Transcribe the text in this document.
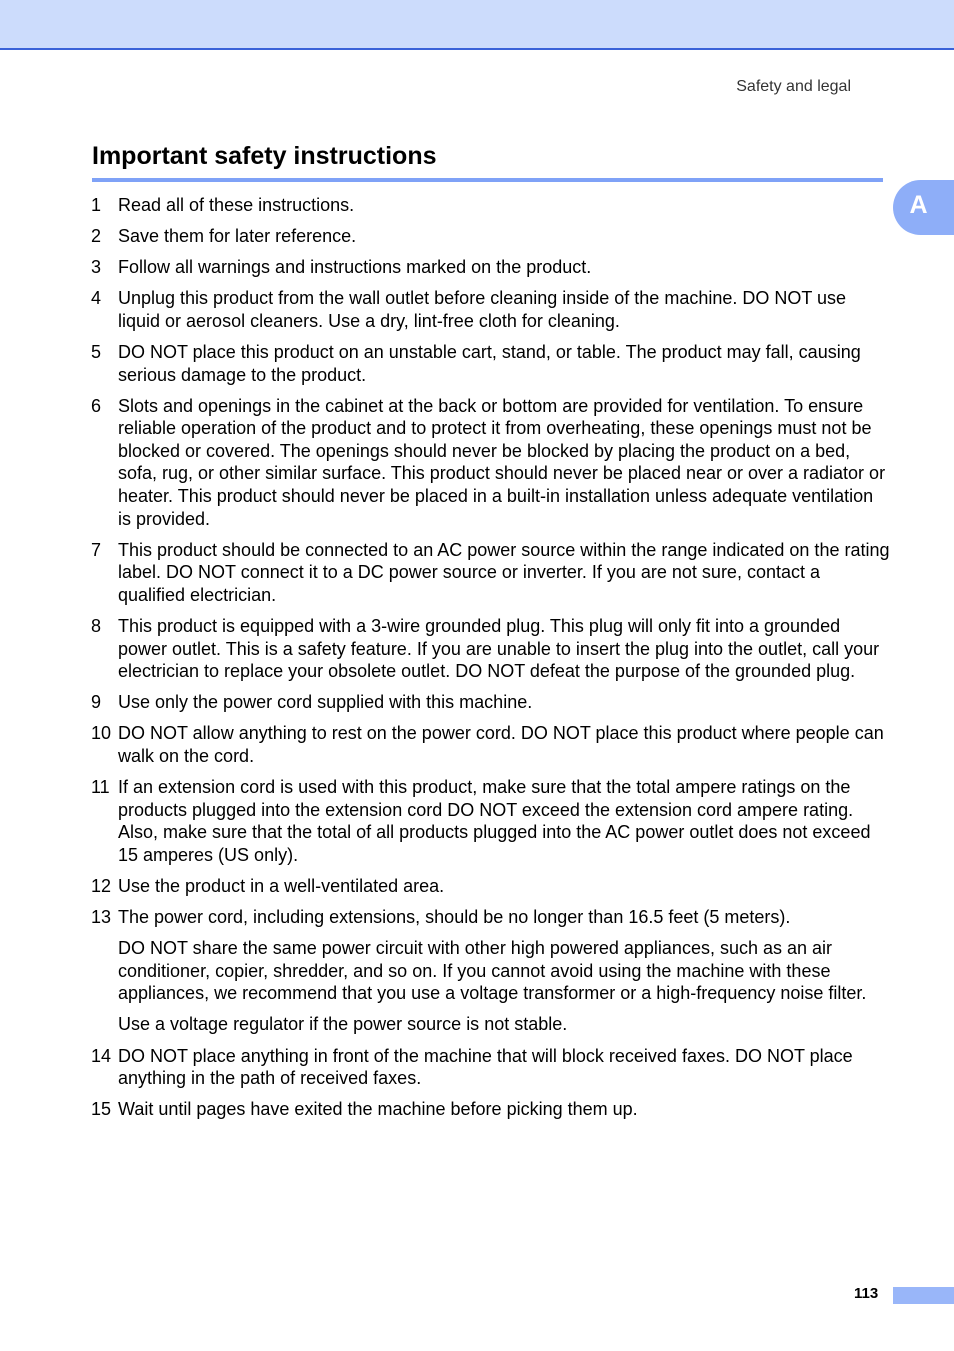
Safety and legal
Important safety instructions
A
1 Read all of these instructions.
2 Save them for later reference.
3 Follow all warnings and instructions marked on the product.
4 Unplug this product from the wall outlet before cleaning inside of the machine. DO NOT use liquid or aerosol cleaners. Use a dry, lint-free cloth for cleaning.
5 DO NOT place this product on an unstable cart, stand, or table. The product may fall, causing serious damage to the product.
6 Slots and openings in the cabinet at the back or bottom are provided for ventilation. To ensure reliable operation of the product and to protect it from overheating, these openings must not be blocked or covered. The openings should never be blocked by placing the product on a bed, sofa, rug, or other similar surface. This product should never be placed near or over a radiator or heater. This product should never be placed in a built-in installation unless adequate ventilation is provided.
7 This product should be connected to an AC power source within the range indicated on the rating label. DO NOT connect it to a DC power source or inverter. If you are not sure, contact a qualified electrician.
8 This product is equipped with a 3-wire grounded plug. This plug will only fit into a grounded power outlet. This is a safety feature. If you are unable to insert the plug into the outlet, call your electrician to replace your obsolete outlet. DO NOT defeat the purpose of the grounded plug.
9 Use only the power cord supplied with this machine.
10 DO NOT allow anything to rest on the power cord. DO NOT place this product where people can walk on the cord.
11 If an extension cord is used with this product, make sure that the total ampere ratings on the products plugged into the extension cord DO NOT exceed the extension cord ampere rating. Also, make sure that the total of all products plugged into the AC power outlet does not exceed 15 amperes (US only).
12 Use the product in a well-ventilated area.
13 The power cord, including extensions, should be no longer than 16.5 feet (5 meters).
DO NOT share the same power circuit with other high powered appliances, such as an air conditioner, copier, shredder, and so on. If you cannot avoid using the machine with these appliances, we recommend that you use a voltage transformer or a high-frequency noise filter.
Use a voltage regulator if the power source is not stable.
14 DO NOT place anything in front of the machine that will block received faxes. DO NOT place anything in the path of received faxes.
15 Wait until pages have exited the machine before picking them up.
113
